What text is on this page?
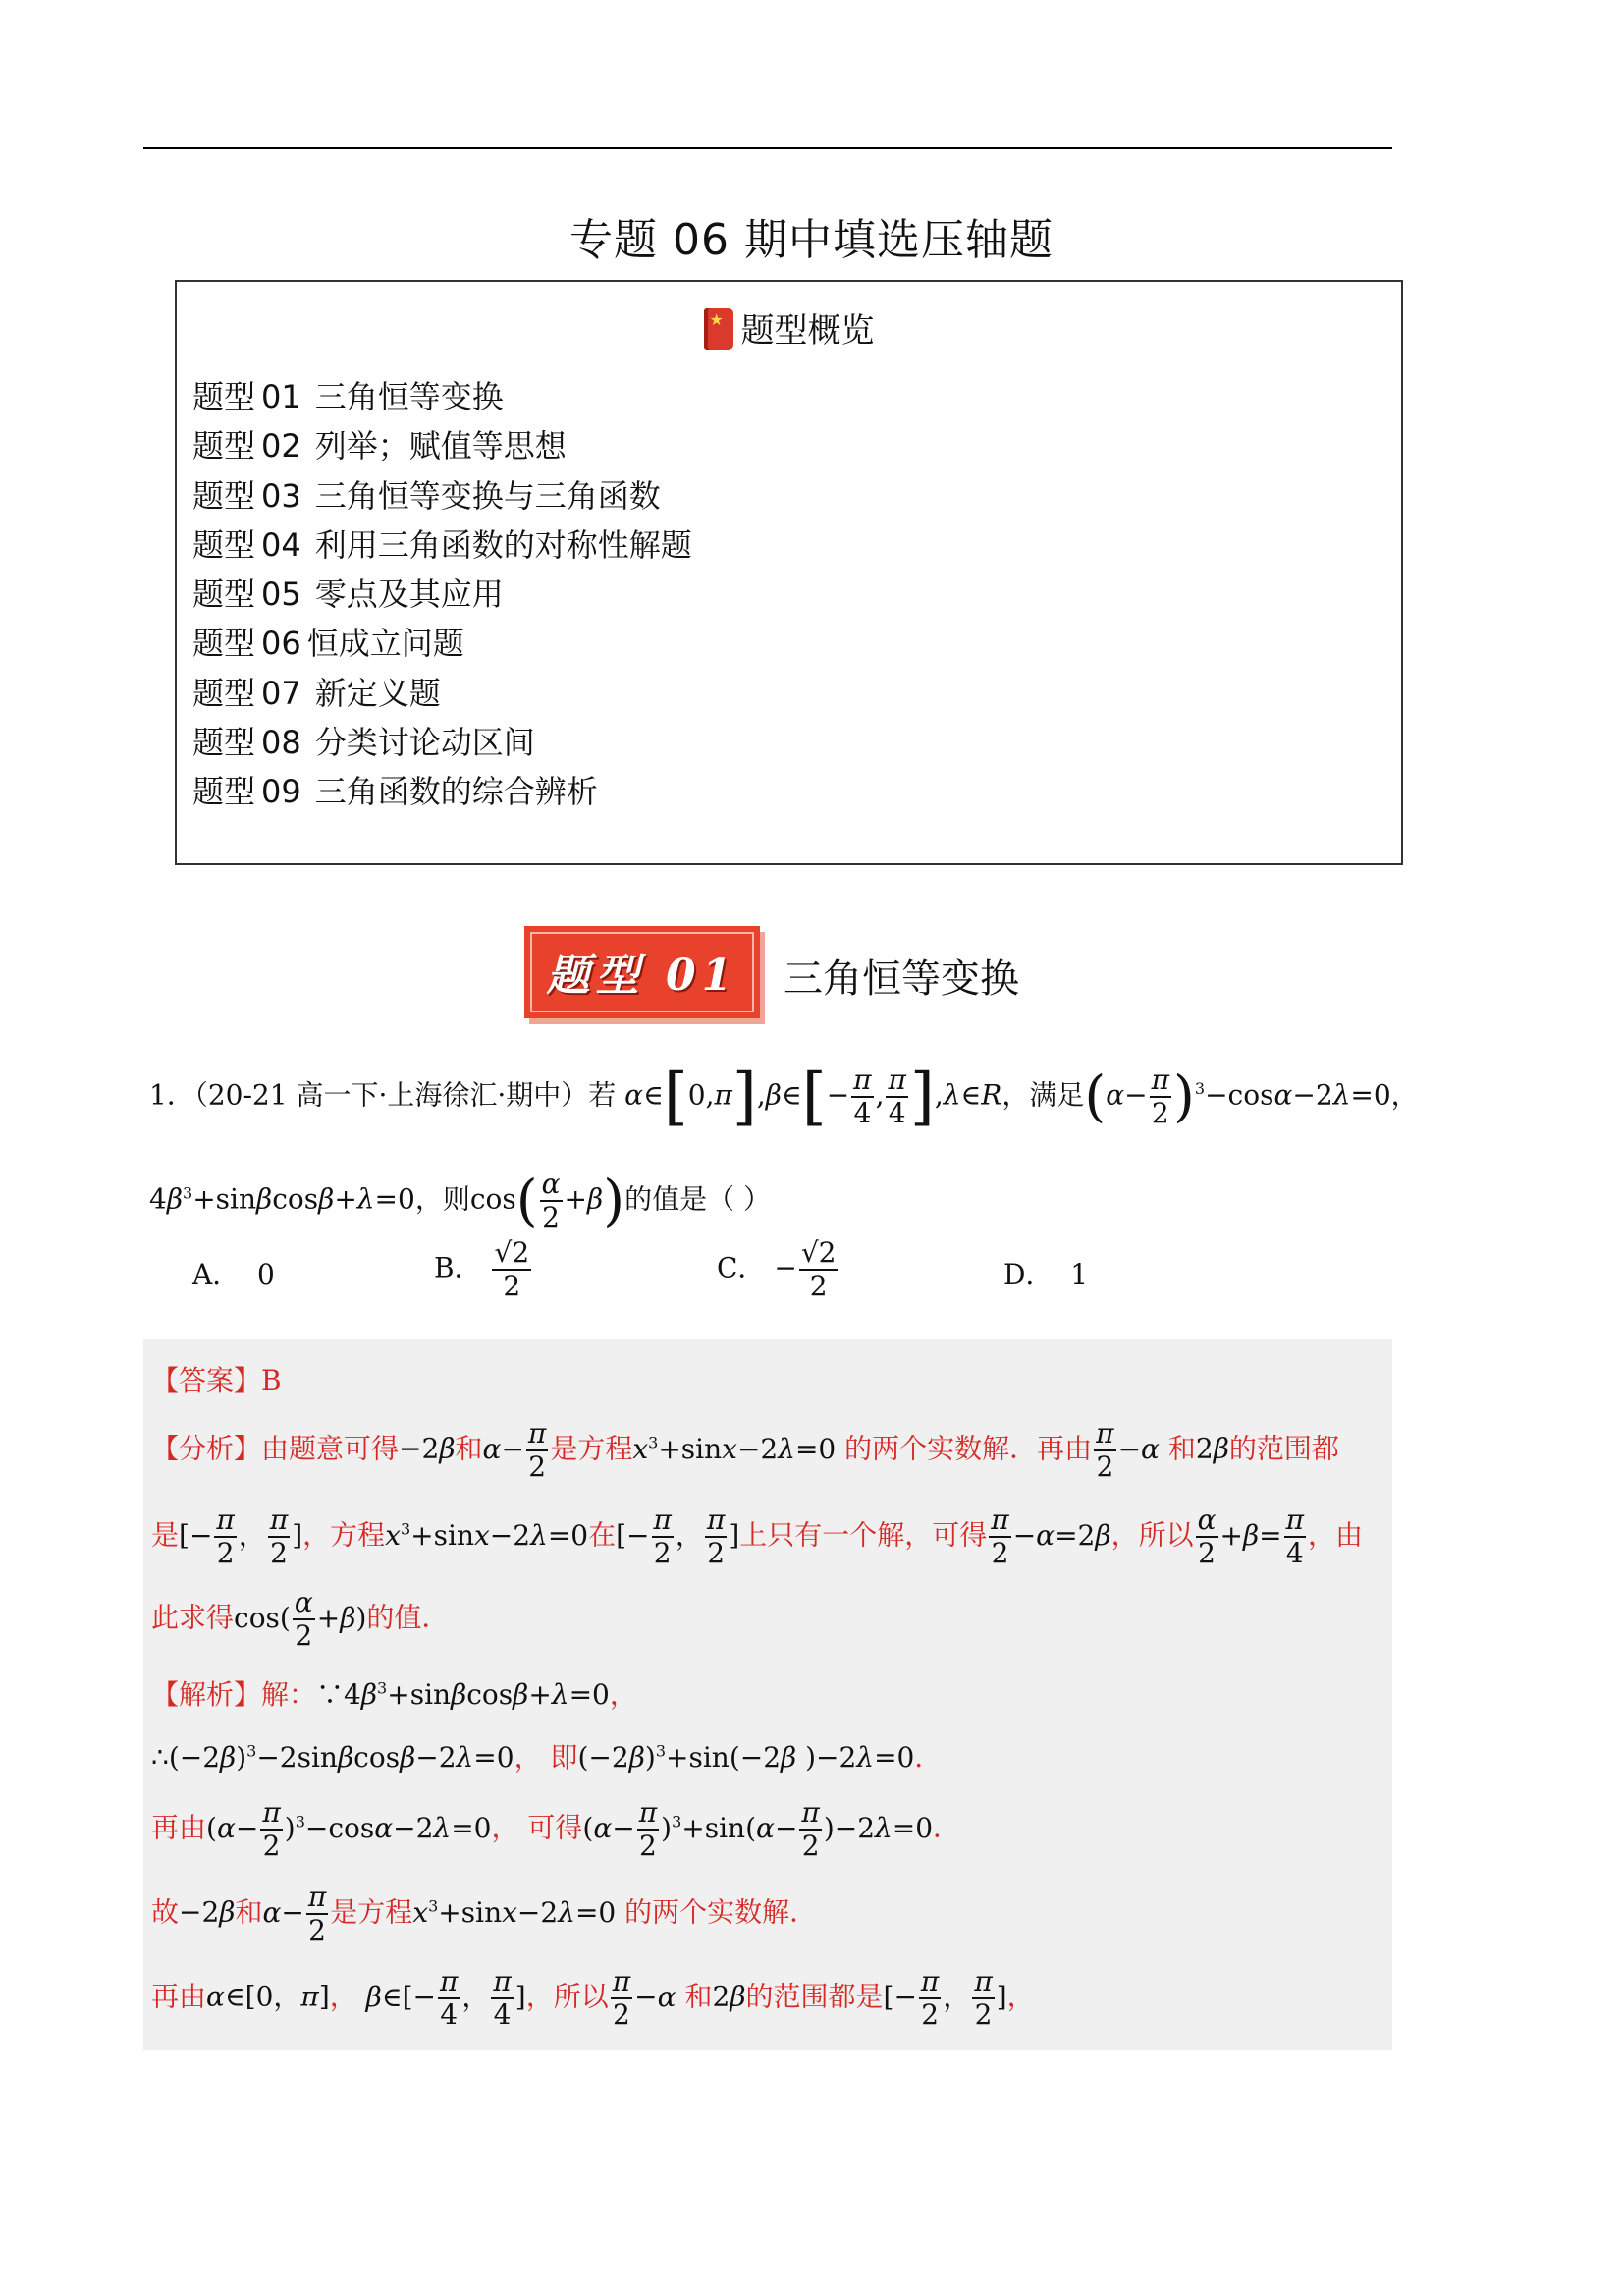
专题 06 期中填选压轴题
★题型概览
题型 01 三角恒等变换
题型 02 列举；赋值等思想
题型 03 三角恒等变换与三角函数
题型 04 利用三角函数的对称性解题
题型 05 零点及其应用
题型 06 恒成立问题
题型 07 新定义题
题型 08 分类讨论动区间
题型 09 三角函数的综合辨析
题型 01	三角恒等变换
1．（20-21 高一下·上海徐汇·期中）若 α∈[0,π],β∈[− $\frac{\pi}{4}$ , $\frac{\pi}{4}$ ],λ∈R，满足$(\alpha- \frac{\pi}{2} )^3-\cos\alpha-2\lambda=0$，
$4\beta^3+\sin\beta\cos\beta+\lambda=0$，则$\cos( \frac{\alpha}{2} +\beta)$的值是（ ）
A． 0	B． $\frac{√2}{2}$	C． − $\frac{√2}{2}$	D． 1
【答案】B
【分析】由题意可得−2β和$\alpha- \frac{\pi}{2}$ 是方程$x^3+\sin x-2\lambda=0$ 的两个实数解．再由 $\frac{\pi}{2} -\alpha$ 和2β的范围都
是[− $\frac{\pi}{2}$ ， $\frac{\pi}{2}$ ]，方程$x^3+\sin x-2\lambda=0$在[− $\frac{\pi}{2}$ ， $\frac{\pi}{2}$ ]上只有一个解，可得 $\frac{\pi}{2} -\alpha=2\beta$，所以 $\frac{\alpha}{2} +\beta= \frac{\pi}{4}$ ，由
此求得$\cos( \frac{\alpha}{2} +\beta)$的值．
【解析】解：$\because 4\beta^3+\sin\beta\cos\beta+\lambda=0$，
$\therefore(-2\beta)^3-2\sin\beta\cos\beta-2\lambda=0$， 即$(-2\beta)^3+\sin(-2\beta$ )−2λ=0．
再由$(\alpha- \frac{\pi}{2} )^3-\cos\alpha-2\lambda=0$， 可得$(\alpha- \frac{\pi}{2} )^3+\sin(\alpha- \frac{\pi}{2} )-2\lambda=0$．
故−2β和$\alpha- \frac{\pi}{2}$ 是方程$x^3+\sin x-2\lambda=0$ 的两个实数解．
再由α∈[0，π]， β∈[− $\frac{\pi}{4}$ ， $\frac{\pi}{4}$ ]，所以 $\frac{\pi}{2} -\alpha$ 和2β的范围都是[− $\frac{\pi}{2}$ ， $\frac{\pi}{2}$ ]，
